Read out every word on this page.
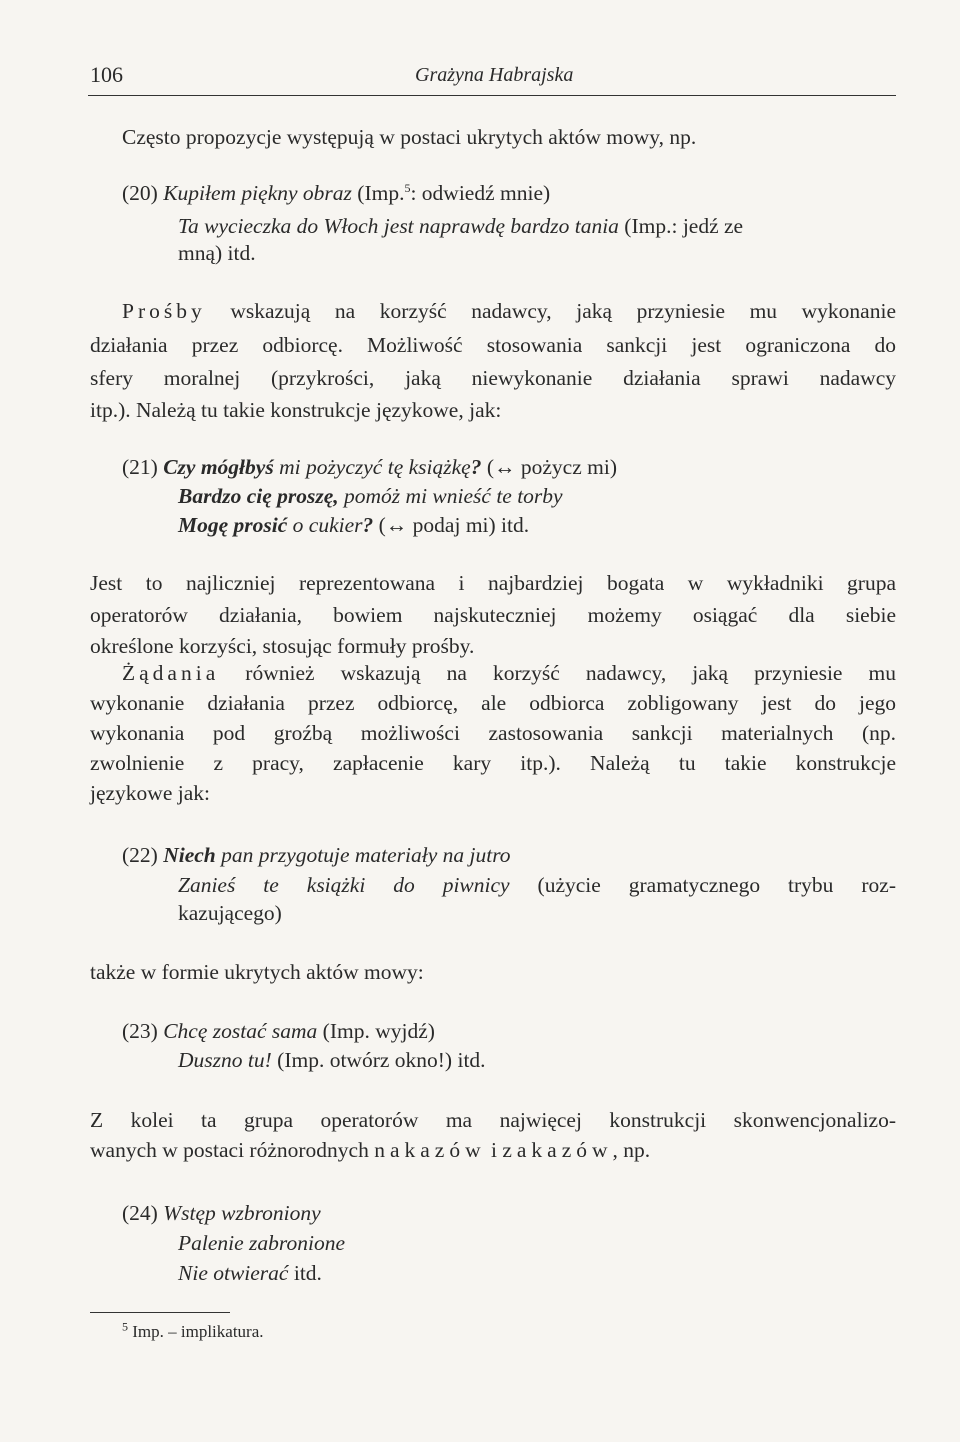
106	Grażyna Habrajska
Często propozycje występują w postaci ukrytych aktów mowy, np.
(20) Kupiłem piękny obraz (Imp.$^5$: odwiedź mnie)
Ta wycieczka do Włoch jest naprawdę bardzo tania (Imp.: jedź ze
mną) itd.
Prośby wskazują na korzyść nadawcy, jaką przyniesie mu wykonanie
działania przez odbiorcę. Możliwość stosowania sankcji jest ograniczona do
sfery moralnej (przykrości, jaką niewykonanie działania sprawi nadawcy
itp.). Należą tu takie konstrukcje językowe, jak:
(21) Czy mógłbyś mi pożyczyć tę książkę? (↔ pożycz mi)
Bardzo cię proszę, pomóż mi wnieść te torby
Mogę prosić o cukier? (↔ podaj mi) itd.
Jest to najliczniej reprezentowana i najbardziej bogata w wykładniki grupa
operatorów działania, bowiem najskuteczniej możemy osiągać dla siebie
określone korzyści, stosując formuły prośby.
Żądania również wskazują na korzyść nadawcy, jaką przyniesie mu
wykonanie działania przez odbiorcę, ale odbiorca zobligowany jest do jego
wykonania pod groźbą możliwości zastosowania sankcji materialnych (np.
zwolnienie z pracy, zapłacenie kary itp.). Należą tu takie konstrukcje
językowe jak:
(22) Niech pan przygotuje materiały na jutro
Zanieś te książki do piwnicy (użycie gramatycznego trybu roz-
kazującego)
także w formie ukrytych aktów mowy:
(23) Chcę zostać sama (Imp. wyjdź)
Duszno tu! (Imp. otwórz okno!) itd.
Z kolei ta grupa operatorów ma najwięcej konstrukcji skonwencjonalizo-
wanych w postaci różnorodnych nakazów i zakazów, np.
(24) Wstęp wzbroniony
Palenie zabronione
Nie otwierać itd.
$^5$ Imp. – implikatura.
